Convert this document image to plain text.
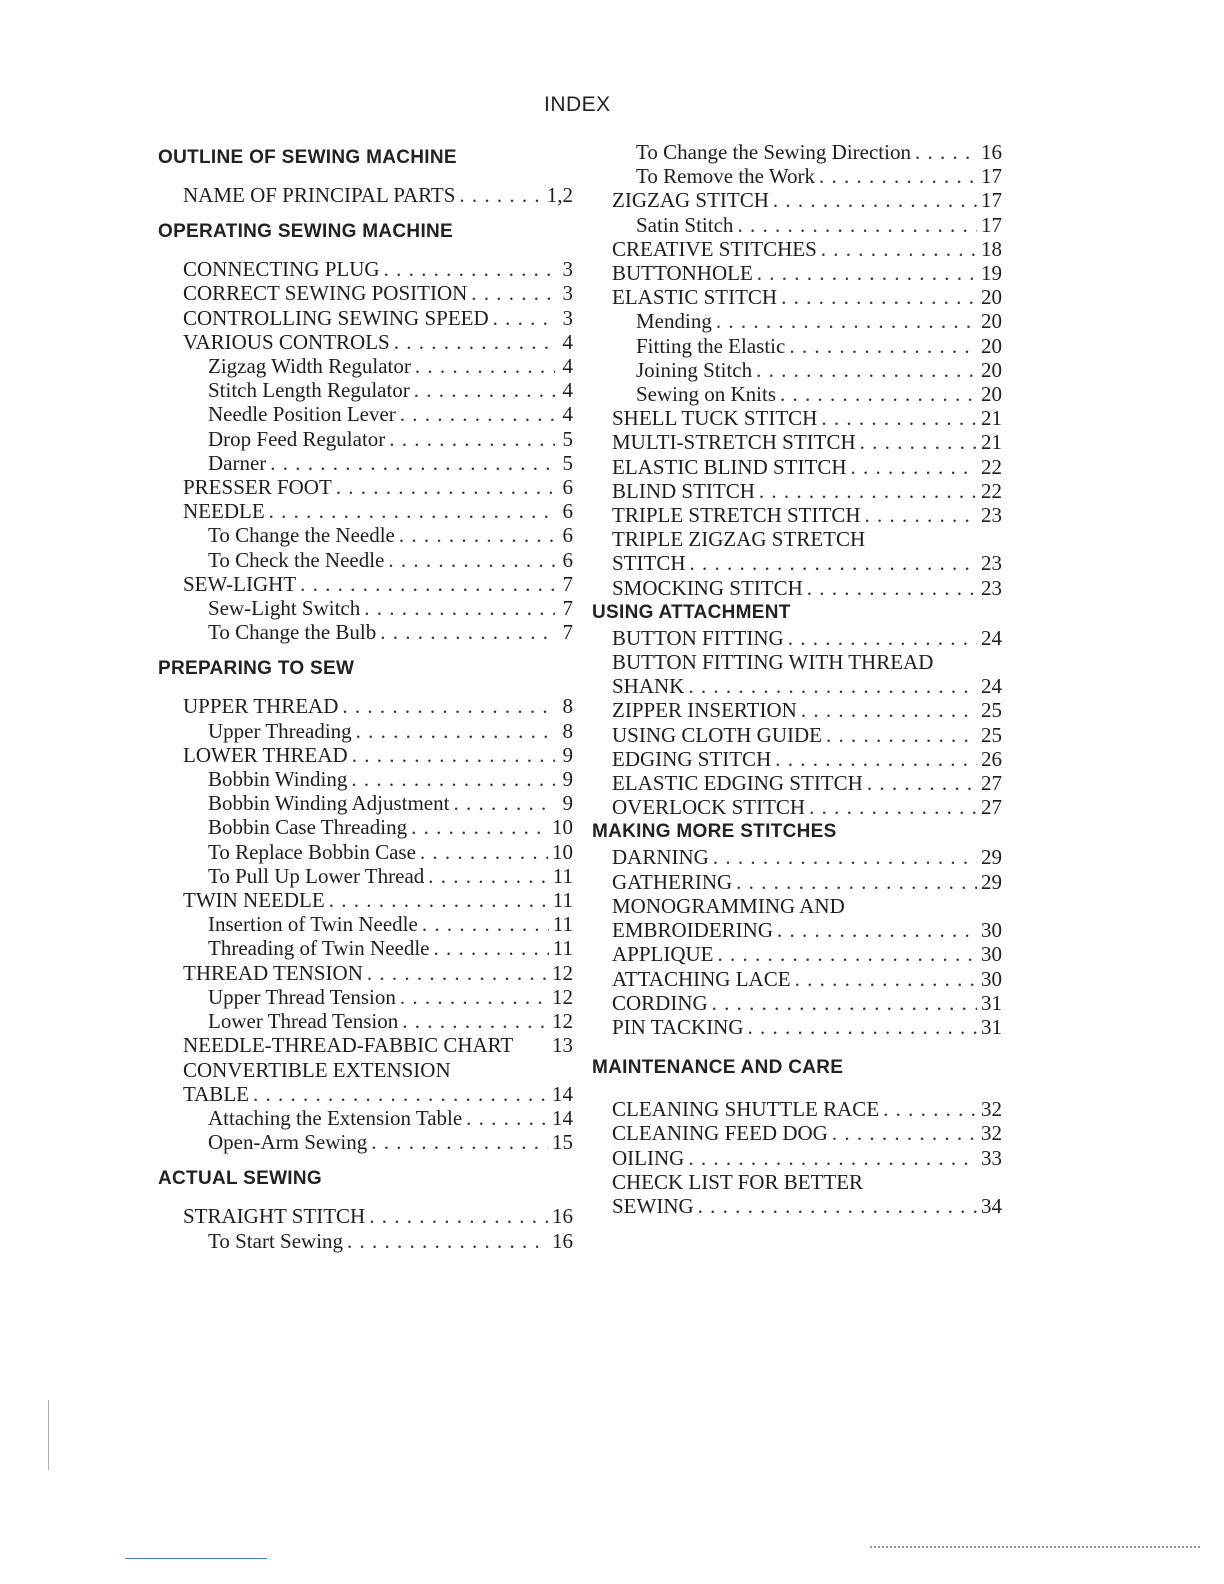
INDEX
OUTLINE OF SEWING MACHINE
NAME OF PRINCIPAL PARTS . . .	1,2
OPERATING SEWING MACHINE
CONNECTING PLUG . . .	3
CORRECT SEWING POSITION . . .	3
CONTROLLING SEWING SPEED . . .	3
VARIOUS CONTROLS . . .	4
Zigzag Width Regulator . . .	4
Stitch Length Regulator . . .	4
Needle Position Lever . . .	4
Drop Feed Regulator . . .	5
Darner . . .	5
PRESSER FOOT . . .	6
NEEDLE . . .	6
To Change the Needle . . .	6
To Check the Needle . . .	6
SEW-LIGHT . . .	7
Sew-Light Switch . . .	7
To Change the Bulb . . .	7
PREPARING TO SEW
UPPER THREAD . . .	8
Upper Threading . . .	8
LOWER THREAD . . .	9
Bobbin Winding . . .	9
Bobbin Winding Adjustment . . .	9
Bobbin Case Threading . . .	10
To Replace Bobbin Case . . .	10
To Pull Up Lower Thread . . .	11
TWIN NEEDLE . . .	11
Insertion of Twin Needle . . .	11
Threading of Twin Needle . . .	11
THREAD TENSION . . .	12
Upper Thread Tension . . .	12
Lower Thread Tension . . .	12
NEEDLE-THREAD-FABBIC CHART	13
CONVERTIBLE EXTENSION
TABLE . . .	14
Attaching the Extension Table . . .	14
Open-Arm Sewing . . .	15
ACTUAL SEWING
STRAIGHT STITCH . . .	16
To Start Sewing . . .	16
To Change the Sewing Direction . . .	16
To Remove the Work . . .	17
ZIGZAG STITCH . . .	17
Satin Stitch . . .	17
CREATIVE STITCHES . . .	18
BUTTONHOLE . . .	19
ELASTIC STITCH . . .	20
Mending . . .	20
Fitting the Elastic . . .	20
Joining Stitch . . .	20
Sewing on Knits . . .	20
SHELL TUCK STITCH . . .	21
MULTI-STRETCH STITCH . . .	21
ELASTIC BLIND STITCH . . .	22
BLIND STITCH . . .	22
TRIPLE STRETCH STITCH . . .	23
TRIPLE ZIGZAG STRETCH
STITCH . . .	23
SMOCKING STITCH . . .	23
USING ATTACHMENT
BUTTON FITTING . . .	24
BUTTON FITTING WITH THREAD
SHANK . . .	24
ZIPPER INSERTION . . .	25
USING CLOTH GUIDE . . .	25
EDGING STITCH . . .	26
ELASTIC EDGING STITCH . . .	27
OVERLOCK STITCH . . .	27
MAKING MORE STITCHES
DARNING . . .	29
GATHERING . . .	29
MONOGRAMMING AND
EMBROIDERING . . .	30
APPLIQUE . . .	30
ATTACHING LACE . . .	30
CORDING . . .	31
PIN TACKING . . .	31
MAINTENANCE AND CARE
CLEANING SHUTTLE RACE . . .	32
CLEANING FEED DOG . . .	32
OILING . . .	33
CHECK LIST FOR BETTER
SEWING . . .	34
